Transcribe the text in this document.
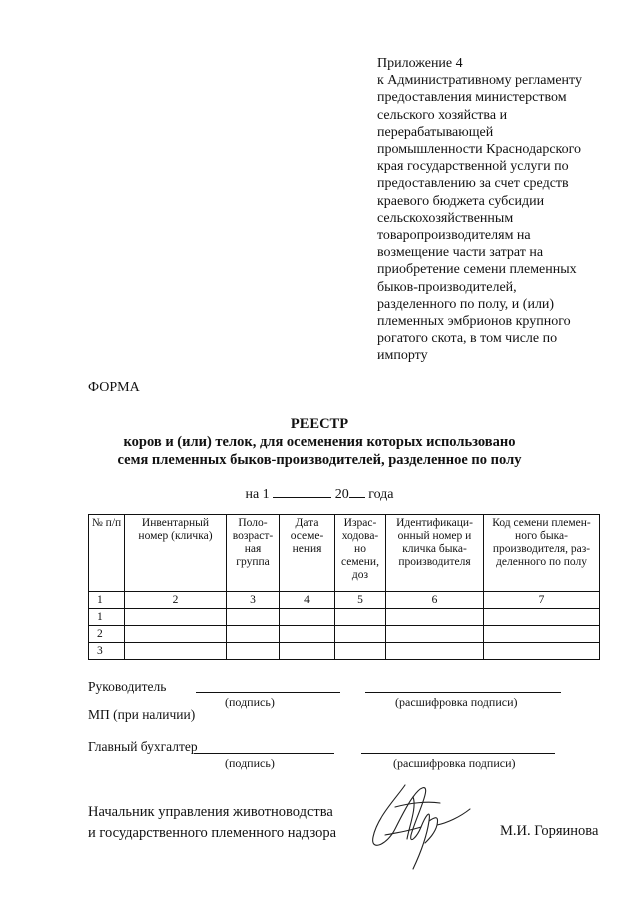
Приложение 4
к Административному регламенту
предоставления министерством
сельского хозяйства и
перерабатывающей
промышленности Краснодарского
края государственной услуги по
предоставлению за счет средств
краевого бюджета субсидии
сельскохозяйственным
товаропроизводителям на
возмещение части затрат на
приобретение семени племенных
быков-производителей,
разделенного по полу, и (или)
племенных эмбрионов крупного
рогатого скота, в том числе по
импорту
ФОРМА
РЕЕСТР
коров и (или) телок, для осеменения которых использовано
семя племенных быков-производителей, разделенное по полу
на 1	20 года
№ п/п	Инвентарный номер (кличка)	Поло-возраст-ная группа	Дата осеме-нения	Израс-ходова-но семени, доз	Идентификаци-онный номер и кличка быка-производителя	Код семени племен-ного быка-производителя, раз-деленного по полу
1	2	3	4	5	6	7
1						
2						
3						
Руководитель
(подпись)	(расшифровка подписи)
МП (при наличии)
Главный бухгалтер
(подпись)	(расшифровка подписи)
Начальник управления животноводства
и государственного племенного надзора	М.И. Горяинова
